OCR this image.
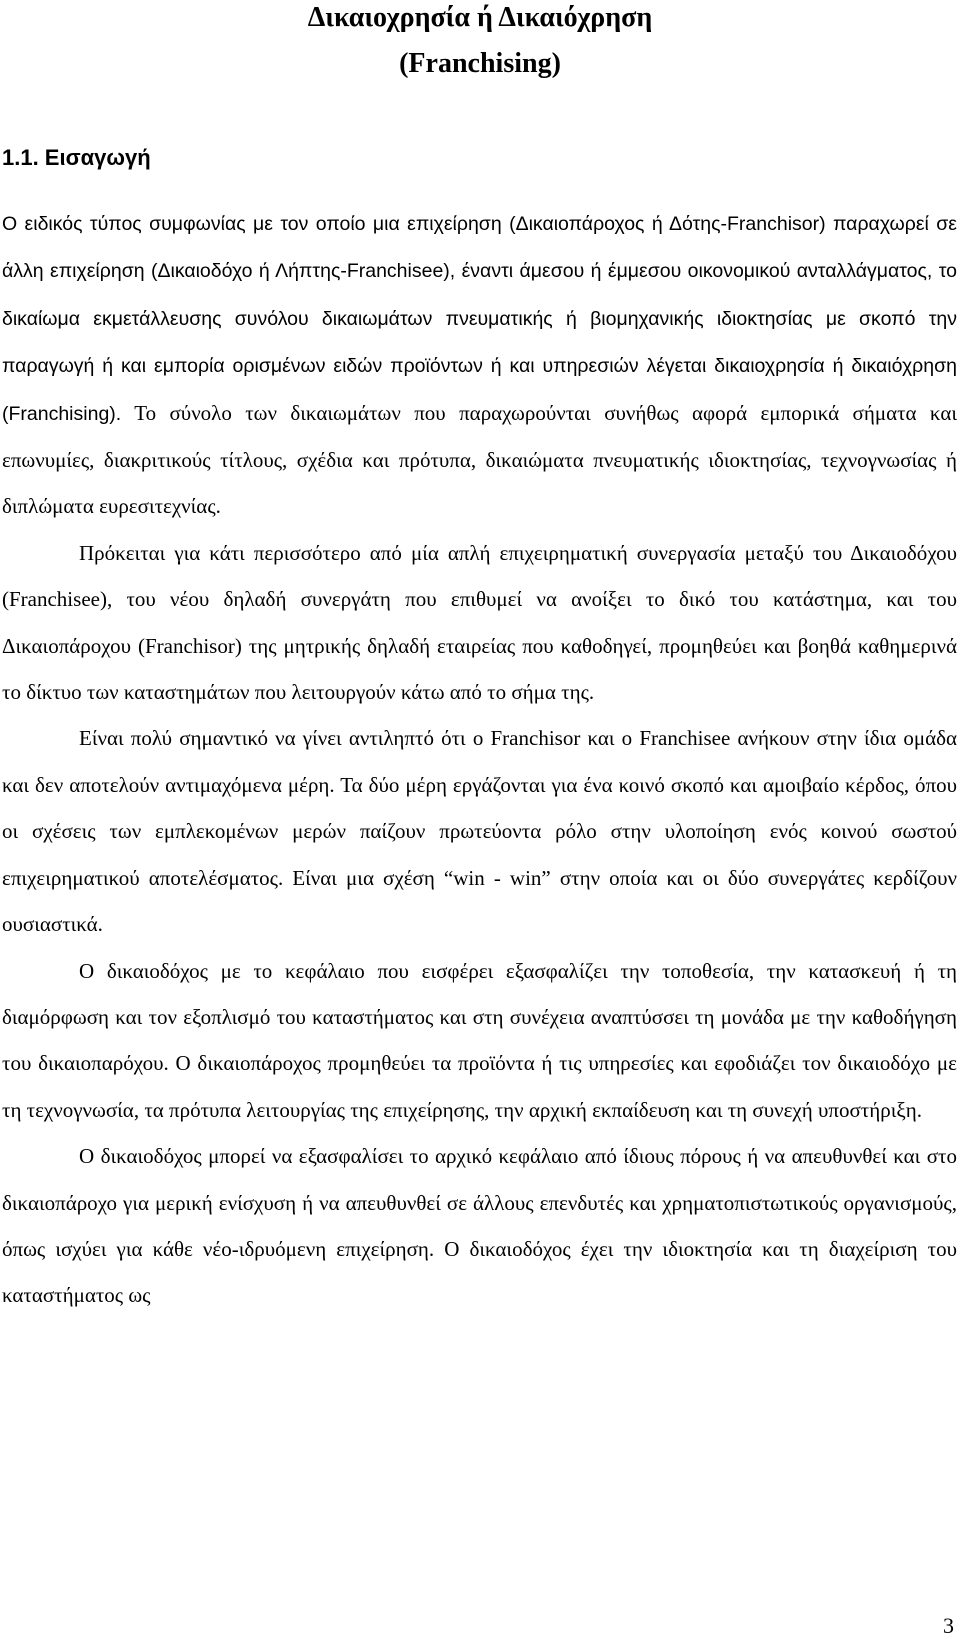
Δικαιοχρησία ή Δικαιόχρηση
(Franchising)
1.1. Εισαγωγή

Ο ειδικός τύπος συμφωνίας με τον οποίο μια επιχείρηση (Δικαιοπάροχος ή Δότης-Franchisor) παραχωρεί σε άλλη επιχείρηση (Δικαιοδόχο ή Λήπτης-Franchisee), έναντι άμεσου ή έμμεσου οικονομικού ανταλλάγματος, το δικαίωμα εκμετάλλευσης συνόλου δικαιωμάτων πνευματικής ή βιομηχανικής ιδιοκτησίας με σκοπό την παραγωγή ή και εμπορία ορισμένων ειδών προϊόντων ή και υπηρεσιών λέγεται δικαιοχρησία ή δικαιόχρηση (Franchising). Το σύνολο των δικαιωμάτων που παραχωρούνται συνήθως αφορά εμπορικά σήματα και επωνυμίες, διακριτικούς τίτλους, σχέδια και πρότυπα, δικαιώματα πνευματικής ιδιοκτησίας, τεχνογνωσίας ή διπλώματα ευρεσιτεχνίας.

Πρόκειται για κάτι περισσότερο από μία απλή επιχειρηματική συνεργασία μεταξύ του Δικαιοδόχου (Franchisee), του νέου δηλαδή συνεργάτη που επιθυμεί να ανοίξει το δικό του κατάστημα, και του Δικαιοπάροχου (Franchisor) της μητρικής δηλαδή εταιρείας που καθοδηγεί, προμηθεύει και βοηθά καθημερινά το δίκτυο των καταστημάτων που λειτουργούν κάτω από το σήμα της.

Είναι πολύ σημαντικό να γίνει αντιληπτό ότι ο Franchisor και ο Franchisee ανήκουν στην ίδια ομάδα και δεν αποτελούν αντιμαχόμενα μέρη. Τα δύο μέρη εργάζονται για ένα κοινό σκοπό και αμοιβαίο κέρδος, όπου οι σχέσεις των εμπλεκομένων μερών παίζουν πρωτεύοντα ρόλο στην υλοποίηση ενός κοινού σωστού επιχειρηματικού αποτελέσματος. Είναι μια σχέση “win - win” στην οποία και οι δύο συνεργάτες κερδίζουν ουσιαστικά.

Ο δικαιοδόχος με το κεφάλαιο που εισφέρει εξασφαλίζει την τοποθεσία, την κατασκευή ή τη διαμόρφωση και τον εξοπλισμό του καταστήματος και στη συνέχεια αναπτύσσει τη μονάδα με την καθοδήγηση του δικαιοπαρόχου. Ο δικαιοπάροχος προμηθεύει τα προϊόντα ή τις υπηρεσίες και εφοδιάζει τον δικαιοδόχο με τη τεχνογνωσία, τα πρότυπα λειτουργίας της επιχείρησης, την αρχική εκπαίδευση και τη συνεχή υποστήριξη.

Ο δικαιοδόχος μπορεί να εξασφαλίσει το αρχικό κεφάλαιο από ίδιους πόρους ή να απευθυνθεί και στο δικαιοπάροχο για μερική ενίσχυση ή να απευθυνθεί σε άλλους επενδυτές και χρηματοπιστωτικούς οργανισμούς, όπως ισχύει για κάθε νέο-ιδρυόμενη επιχείρηση. Ο δικαιοδόχος έχει την ιδιοκτησία και τη διαχείριση του καταστήματος ως

3
